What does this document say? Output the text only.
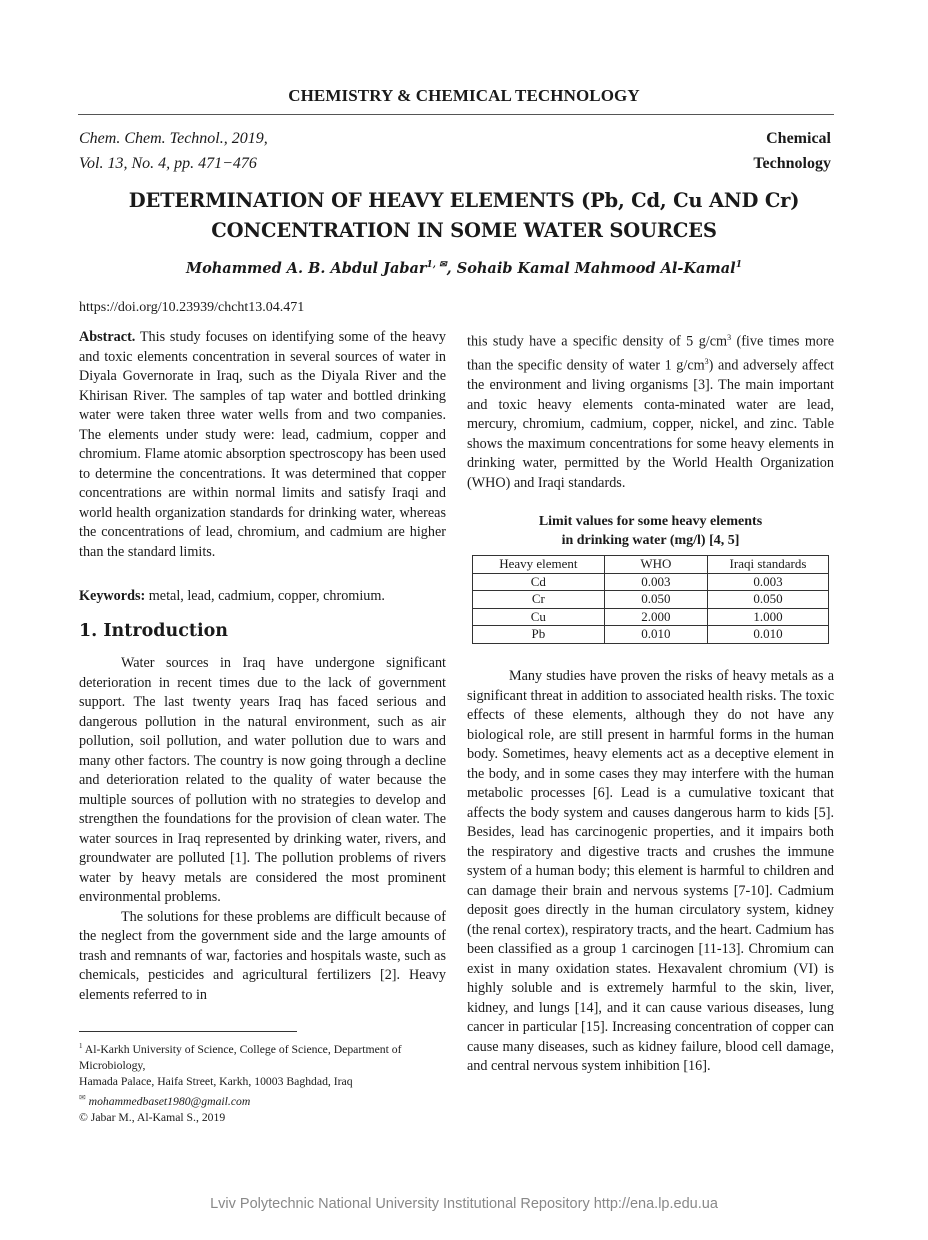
CHEMISTRY & CHEMICAL TECHNOLOGY
Chem. Chem. Technol., 2019,
Vol. 13, No. 4, pp. 471−476
Chemical
Technology
DETERMINATION OF HEAVY ELEMENTS (Pb, Cd, Cu AND Cr)
CONCENTRATION IN SOME WATER SOURCES
Mohammed A. B. Abdul Jabar$^{1,}$ ✉, Sohaib Kamal Mahmood Al-Kamal$^1$
https://doi.org/10.23939/chcht13.04.471

Abstract. This study focuses on identifying some of the heavy and toxic elements concentration in several sources of water in Diyala Governorate in Iraq, such as the Diyala River and the Khirisan River. The samples of tap water and bottled drinking water were taken three water wells from and two companies. The elements under study were: lead, cadmium, copper and chromium. Flame atomic absorption spectroscopy has been used to determine the concentrations. It was determined that copper concentrations are within normal limits and satisfy Iraqi and world health organization standards for drinking water, whereas the concentrations of lead, chromium, and cadmium are higher than the standard limits.

Keywords: metal, lead, cadmium, copper, chromium.

1. Introduction

Water sources in Iraq have undergone significant deterioration in recent times due to the lack of government support. The last twenty years Iraq has faced serious and dangerous pollution in the natural environment, such as air pollution, soil pollution, and water pollution due to wars and many other factors. The country is now going through a decline and deterioration related to the quality of water because the multiple sources of pollution with no strategies to develop and strengthen the foundations for the provision of clean water. The water sources in Iraq represented by drinking water, rivers, and groundwater are polluted [1]. The pollution problems of rivers water by heavy metals are considered the most prominent environmental problems.

The solutions for these problems are difficult because of the neglect from the government side and the large amounts of trash and remnants of war, factories and hospitals waste, such as chemicals, pesticides and agricultural fertilizers [2]. Heavy elements referred to in

$^1$ Al-Karkh University of Science, College of Science, Department of Microbiology,
Hamada Palace, Haifa Street, Karkh, 10003 Baghdad, Iraq
✉ mohammedbaset1980@gmail.com
© Jabar M., Al-Kamal S., 2019

this study have a specific density of 5 $g/cm^3$ (five times more than the specific density of water 1 $g/cm^3$) and adversely affect the environment and living organisms [3]. The main important and toxic heavy elements conta-minated water are lead, mercury, chromium, cadmium, copper, nickel, and zinc. Table shows the maximum concentrations for some heavy elements in drinking water, permitted by the World Health Organization (WHO) and Iraqi standards.

Limit values for some heavy elements
in drinking water (mg/l) [4, 5]
Heavy element	WHO	Iraqi standards
Cd	0.003	0.003
Cr	0.050	0.050
Cu	2.000	1.000
Pb	0.010	0.010

Many studies have proven the risks of heavy metals as a significant threat in addition to associated health risks. The toxic effects of these elements, although they do not have any biological role, are still present in harmful forms in the human body. Sometimes, heavy elements act as a deceptive element in the body, and in some cases they may interfere with the human metabolic processes [6]. Lead is a cumulative toxicant that affects the body system and causes dangerous harm to kids [5]. Besides, lead has carcinogenic properties, and it impairs both the respiratory and digestive tracts and crushes the immune system of a human body; this element is harmful to children and can damage their brain and nervous systems [7-10]. Cadmium deposit goes directly in the human circulatory system, kidney (the renal cortex), respiratory tracts, and the heart. Cadmium has been classified as a group 1 carcinogen [11-13]. Chromium can exist in many oxidation states. Hexavalent chromium (VI) is highly soluble and is extremely harmful to the skin, liver, kidney, and lungs [14], and it can cause various diseases, lung cancer in particular [15]. Increasing concentration of copper can cause many diseases, such as kidney failure, blood cell damage, and central nervous system inhibition [16].

Lviv Polytechnic National University Institutional Repository http://ena.lp.edu.ua
